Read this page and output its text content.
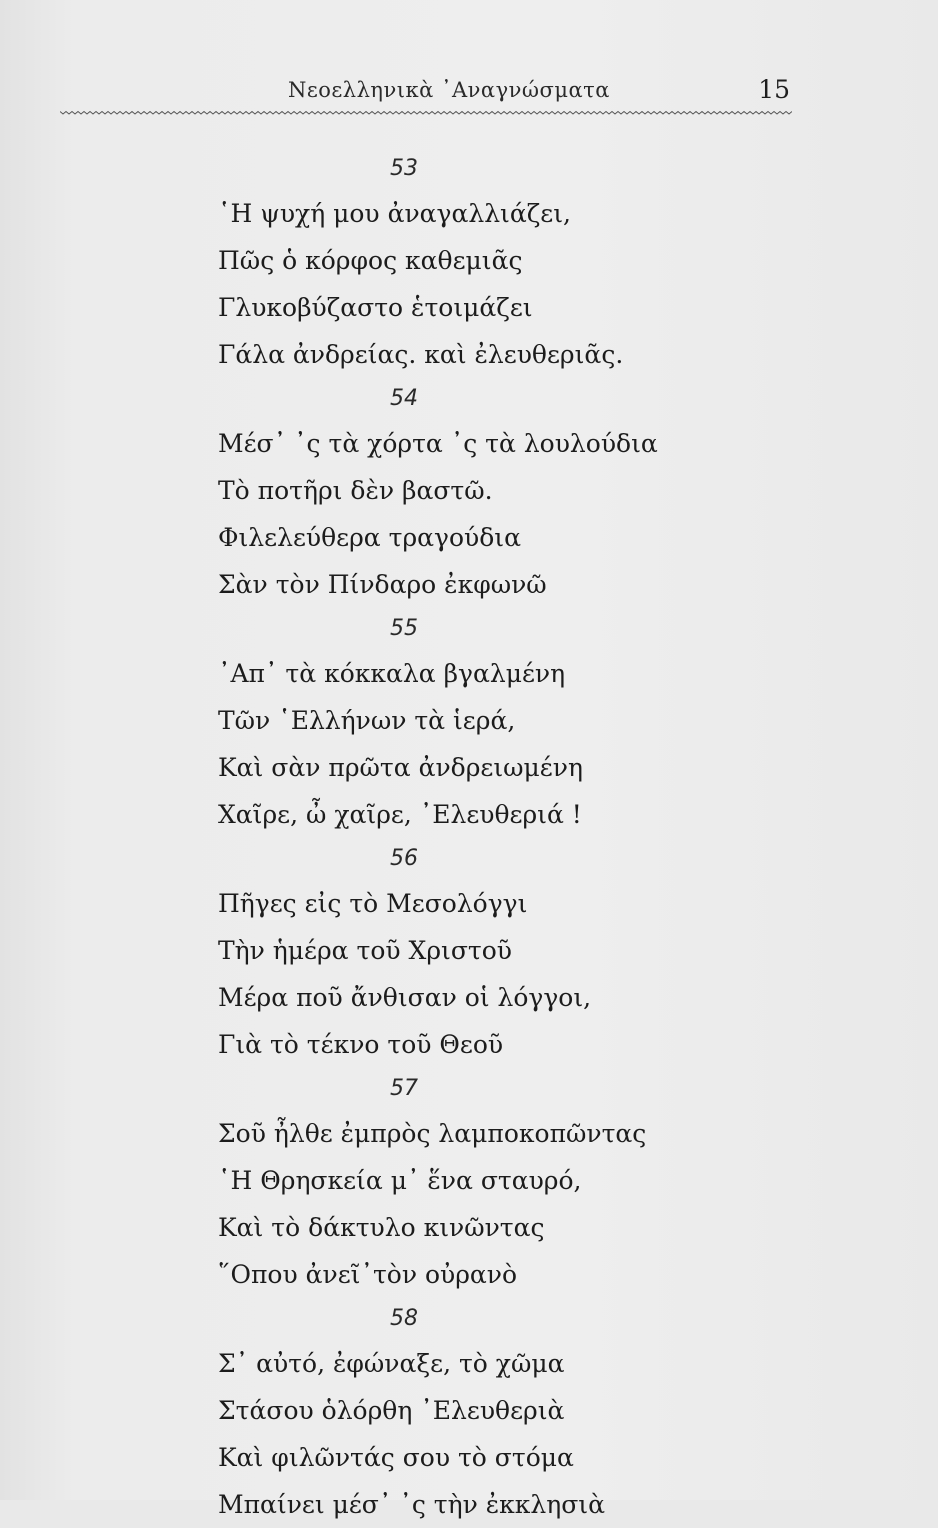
Νεοελληνικὰ ᾿Αναγνώσματα	15
53
῾Η ψυχή μου ἀναγαλλιάζει,
Πῶς ὁ κόρφος καθεμιᾶς
Γλυκοβύζαστο ἑτοιμάζει
Γάλα ἀνδρείας. καὶ ἐλευθεριᾶς.
54
Μέσ᾿ ᾿ς τὰ χόρτα ᾿ς τὰ λουλούδια
Τὸ ποτῆρι δὲν βαστῶ.
Φιλελεύθερα τραγούδια
Σὰν τὸν Πίνδαρο ἐκφωνῶ
55
᾿Απ᾿ τὰ κόκκαλα βγαλμένη
Τῶν ῾Ελλήνων τὰ ἱερά,
Καὶ σὰν πρῶτα ἀνδρειωμένη
Χαῖρε, ὦ χαῖρε, ᾿Ελευθεριά !
56
Πῆγες εἰς τὸ Μεσολόγγι
Τὴν ἡμέρα τοῦ Χριστοῦ
Μέρα ποῦ ἄνθισαν οἱ λόγγοι,
Γιὰ τὸ τέκνο τοῦ Θεοῦ
57
Σοῦ ἦλθε ἐμπρὸς λαμποκοπῶντας
῾Η Θρησκεία μ᾿ ἕνα σταυρό,
Καὶ τὸ δάκτυλο κινῶντας
῞Οπου ἀνεῖ᾿τὸν οὐρανὸ
58
Σ᾿ αὐτό, ἐφώναξε, τὸ χῶμα
Στάσου ὁλόρθη ᾿Ελευθεριὰ
Καὶ φιλῶντάς σου τὸ στόμα
Μπαίνει μέσ᾿ ᾿ς τὴν ἐκκλησιὰ
